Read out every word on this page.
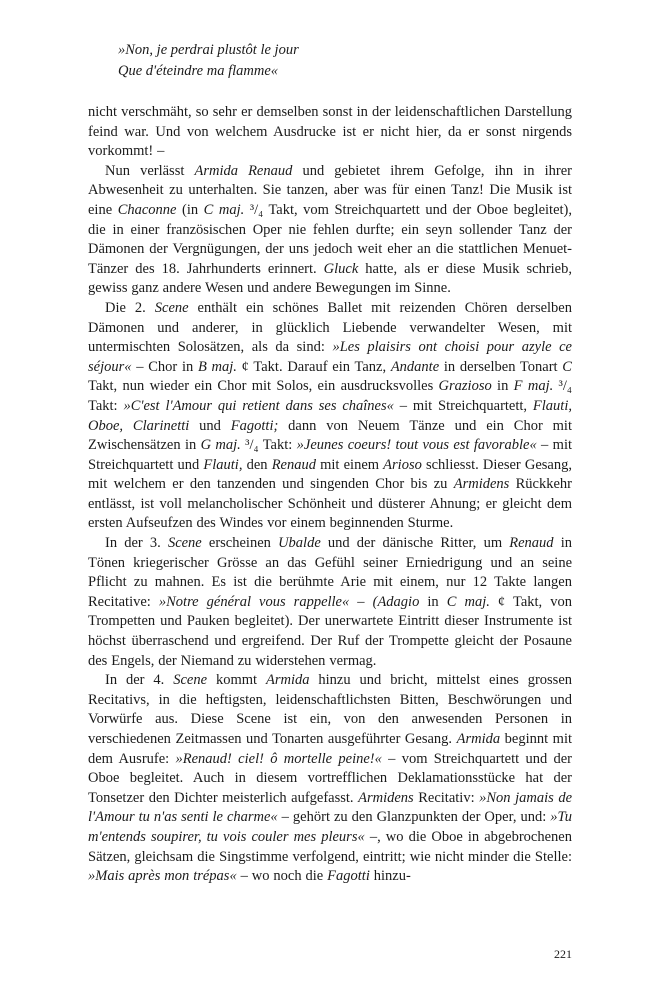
»Non, je perdrai plustôt le jour
Que d'éteindre ma flamme«

nicht verschmäht, so sehr er demselben sonst in der leidenschaftlichen Darstellung feind war. Und von welchem Ausdrucke ist er nicht hier, da er sonst nirgends vorkommt! –

Nun verlässt Armida Renaud und gebietet ihrem Gefolge, ihn in ihrer Abwesenheit zu unterhalten. Sie tanzen, aber was für einen Tanz! Die Musik ist eine Chaconne (in C maj. ³/₄ Takt, vom Streichquartett und der Oboe begleitet), die in einer französischen Oper nie fehlen durfte; ein seyn sollender Tanz der Dämonen der Vergnügungen, der uns jedoch weit eher an die stattlichen Menuet-Tänzer des 18. Jahrhunderts erinnert. Gluck hatte, als er diese Musik schrieb, gewiss ganz andere Wesen und andere Bewegungen im Sinne.

Die 2. Scene enthält ein schönes Ballet mit reizenden Chören derselben Dämonen und anderer, in glücklich Liebende verwandelter Wesen, mit untermischten Solosätzen, als da sind: »Les plaisirs ont choisi pour azyle ce séjour« – Chor in B maj. ¢ Takt. Darauf ein Tanz, Andante in derselben Tonart C Takt, nun wieder ein Chor mit Solos, ein ausdrucksvolles Grazioso in F maj. ³/₄ Takt: »C'est l'Amour qui retient dans ses chaînes« – mit Streichquartett, Flauti, Oboe, Clarinetti und Fagotti; dann von Neuem Tänze und ein Chor mit Zwischensätzen in G maj. ³/₄ Takt: »Jeunes coeurs! tout vous est favorable« – mit Streichquartett und Flauti, den Renaud mit einem Arioso schliesst. Dieser Gesang, mit welchem er den tanzenden und singenden Chor bis zu Armidens Rückkehr entlässt, ist voll melancholischer Schönheit und düsterer Ahnung; er gleicht dem ersten Aufseufzen des Windes vor einem beginnenden Sturme.

In der 3. Scene erscheinen Ubalde und der dänische Ritter, um Renaud in Tönen kriegerischer Grösse an das Gefühl seiner Erniedrigung und an seine Pflicht zu mahnen. Es ist die berühmte Arie mit einem, nur 12 Takte langen Recitative: »Notre général vous rappelle« – (Adagio in C maj. ¢ Takt, von Trompetten und Pauken begleitet). Der unerwartete Eintritt dieser Instrumente ist höchst überraschend und ergreifend. Der Ruf der Trompette gleicht der Posaune des Engels, der Niemand zu widerstehen vermag.

In der 4. Scene kommt Armida hinzu und bricht, mittelst eines grossen Recitativs, in die heftigsten, leidenschaftlichsten Bitten, Beschwörungen und Vorwürfe aus. Diese Scene ist ein, von den anwesenden Personen in verschiedenen Zeitmassen und Tonarten ausgeführter Gesang. Armida beginnt mit dem Ausrufe: »Renaud! ciel! ô mortelle peine!« – vom Streichquartett und der Oboe begleitet. Auch in diesem vortrefflichen Deklamationsstücke hat der Tonsetzer den Dichter meisterlich aufgefasst. Armidens Recitativ: »Non jamais de l'Amour tu n'as senti le charme« – gehört zu den Glanzpunkten der Oper, und: »Tu m'entends soupirer, tu vois couler mes pleurs« –, wo die Oboe in abgebrochenen Sätzen, gleichsam die Singstimme verfolgend, eintritt; wie nicht minder die Stelle: »Mais après mon trépas« – wo noch die Fagotti hinzu-

221
